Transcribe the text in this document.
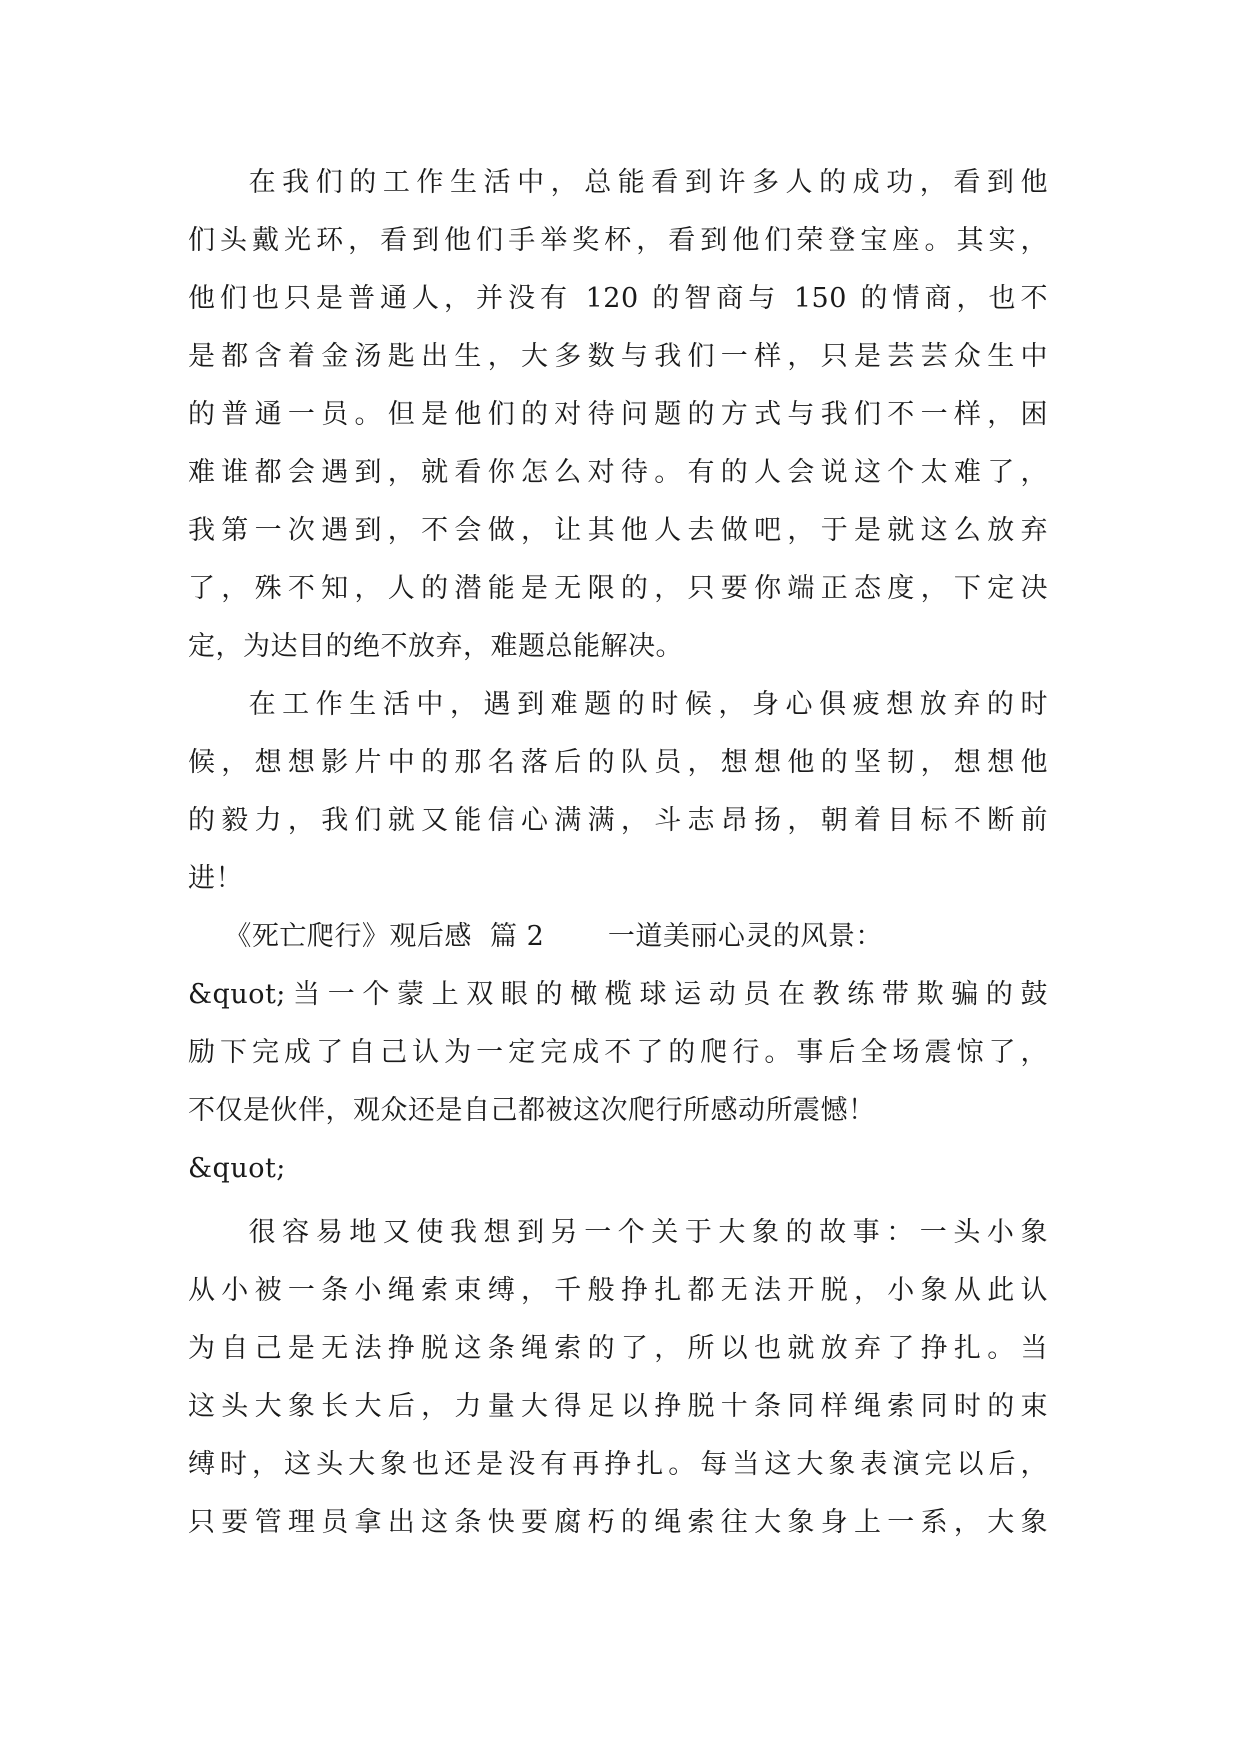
在我们的工作生活中，总能看到许多人的成功，看到他
们头戴光环，看到他们手举奖杯，看到他们荣登宝座。其实，
他们也只是普通人，并没有 120 的智商与 150 的情商，也不
是都含着金汤匙出生，大多数与我们一样，只是芸芸众生中
的普通一员。但是他们的对待问题的方式与我们不一样，困
难谁都会遇到，就看你怎么对待。有的人会说这个太难了，
我第一次遇到，不会做，让其他人去做吧，于是就这么放弃
了，殊不知，人的潜能是无限的，只要你端正态度，下定决
定，为达目的绝不放弃，难题总能解决。
在工作生活中，遇到难题的时候，身心俱疲想放弃的时
候，想想影片中的那名落后的队员，想想他的坚韧，想想他
的毅力，我们就又能信心满满，斗志昂扬，朝着目标不断前
进！
《死亡爬行》观后感  篇 2       一道美丽心灵的风景：
&quot;当一个蒙上双眼的橄榄球运动员在教练带欺骗的鼓
励下完成了自己认为一定完成不了的爬行。事后全场震惊了，
不仅是伙伴，观众还是自己都被这次爬行所感动所震憾！
&quot;
很容易地又使我想到另一个关于大象的故事：一头小象
从小被一条小绳索束缚，千般挣扎都无法开脱，小象从此认
为自己是无法挣脱这条绳索的了，所以也就放弃了挣扎。当
这头大象长大后，力量大得足以挣脱十条同样绳索同时的束
缚时，这头大象也还是没有再挣扎。每当这大象表演完以后，
只要管理员拿出这条快要腐朽的绳索往大象身上一系，大象
